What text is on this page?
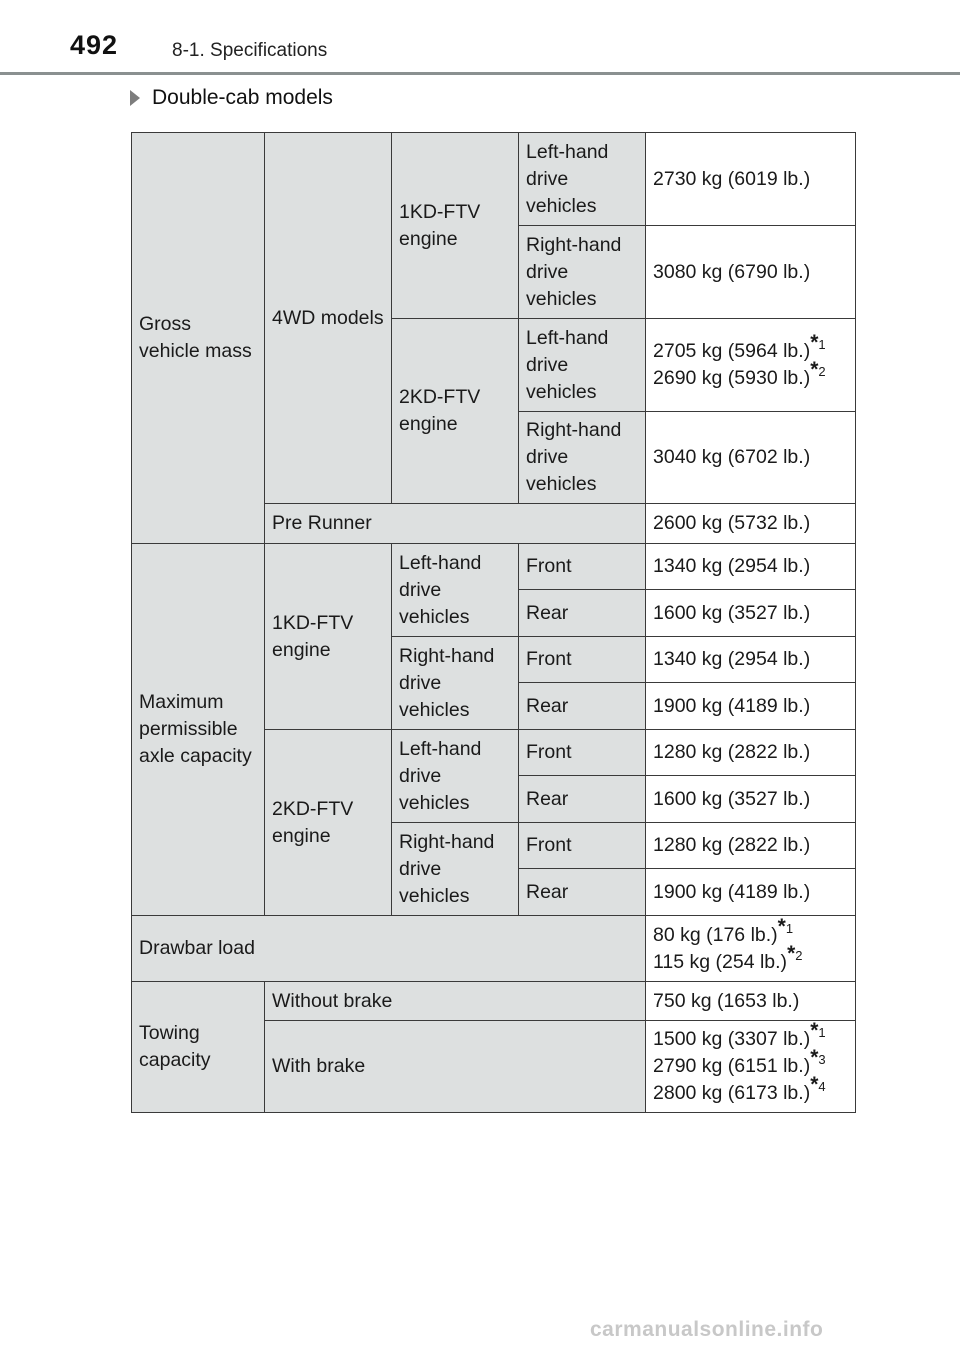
492	8-1. Specifications
Double-cab models
Gross vehicle mass	4WD models	1KD-FTV engine	Left-hand drive vehicles	2730 kg (6019 lb.)
			Right-hand drive vehicles	3080 kg (6790 lb.)
		2KD-FTV engine	Left-hand drive vehicles	2705 kg (5964 lb.)$^{*1}$
2690 kg (5930 lb.)$^{*2}$
			Right-hand drive vehicles	3040 kg (6702 lb.)
	Pre Runner			2600 kg (5732 lb.)
Maximum permissible axle capacity	1KD-FTV engine	Left-hand drive vehicles	Front	1340 kg (2954 lb.)
			Rear	1600 kg (3527 lb.)
		Right-hand drive vehicles	Front	1340 kg (2954 lb.)
			Rear	1900 kg (4189 lb.)
	2KD-FTV engine	Left-hand drive vehicles	Front	1280 kg (2822 lb.)
			Rear	1600 kg (3527 lb.)
		Right-hand drive vehicles	Front	1280 kg (2822 lb.)
			Rear	1900 kg (4189 lb.)
Drawbar load				80 kg (176 lb.)$^{*1}$
115 kg (254 lb.)$^{*2}$
Towing capacity	Without brake			750 kg (1653 lb.)
	With brake			1500 kg (3307 lb.)$^{*1}$
2790 kg (6151 lb.)$^{*3}$
2800 kg (6173 lb.)$^{*4}$
carmanualsonline.info
